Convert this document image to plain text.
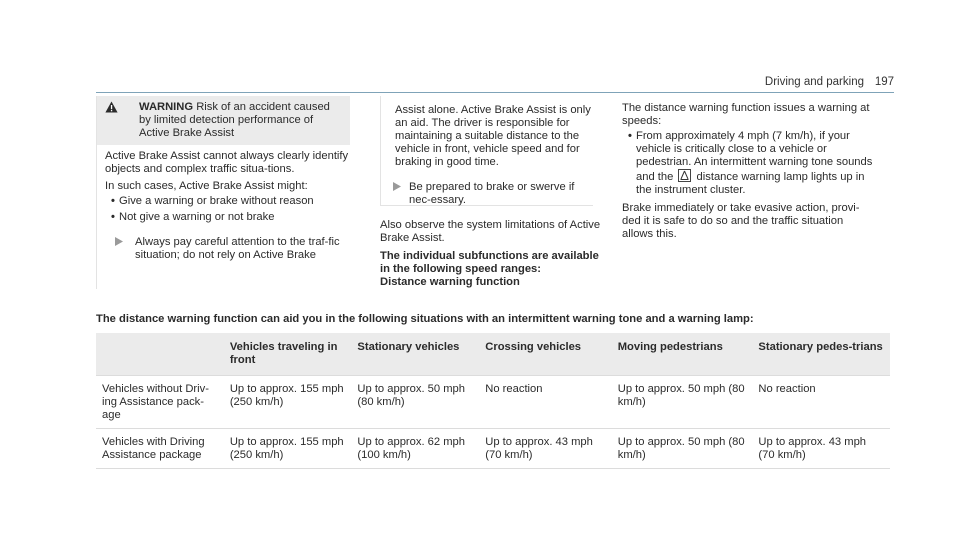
Driving and parking 197
WARNING Risk of an accident caused by limited detection performance of Active Brake Assist

Active Brake Assist cannot always clearly identify objects and complex traffic situa-tions.

In such cases, Active Brake Assist might:

• Give a warning or brake without reason
• Not give a warning or not brake
Always pay careful attention to the traf-fic situation; do not rely on Active Brake
Assist alone. Active Brake Assist is only an aid. The driver is responsible for maintaining a suitable distance to the vehicle in front, vehicle speed and for braking in good time.
Be prepared to brake or swerve if nec-essary.

Also observe the system limitations of Active Brake Assist.

The individual subfunctions are available in the following speed ranges:
Distance warning function

The distance warning function issues a warning at speeds:

• From approximately 4 mph (7 km/h), if your vehicle is critically close to a vehicle or pedestrian. An intermittent warning tone sounds and the distance warning lamp lights up in the instrument cluster.

Brake immediately or take evasive action, provi-ded it is safe to do so and the traffic situation allows this.

The distance warning function can aid you in the following situations with an intermittent warning tone and a warning lamp:
	Vehicles traveling in front	Stationary vehicles	Crossing vehicles	Moving pedestrians	Stationary pedes-trians
Vehicles without Driv-ing Assistance pack-age	Up to approx. 155 mph (250 km/h)	Up to approx. 50 mph (80 km/h)	No reaction	Up to approx. 50 mph (80 km/h)	No reaction
Vehicles with Driving Assistance package	Up to approx. 155 mph (250 km/h)	Up to approx. 62 mph (100 km/h)	Up to approx. 43 mph (70 km/h)	Up to approx. 50 mph (80 km/h)	Up to approx. 43 mph (70 km/h)
